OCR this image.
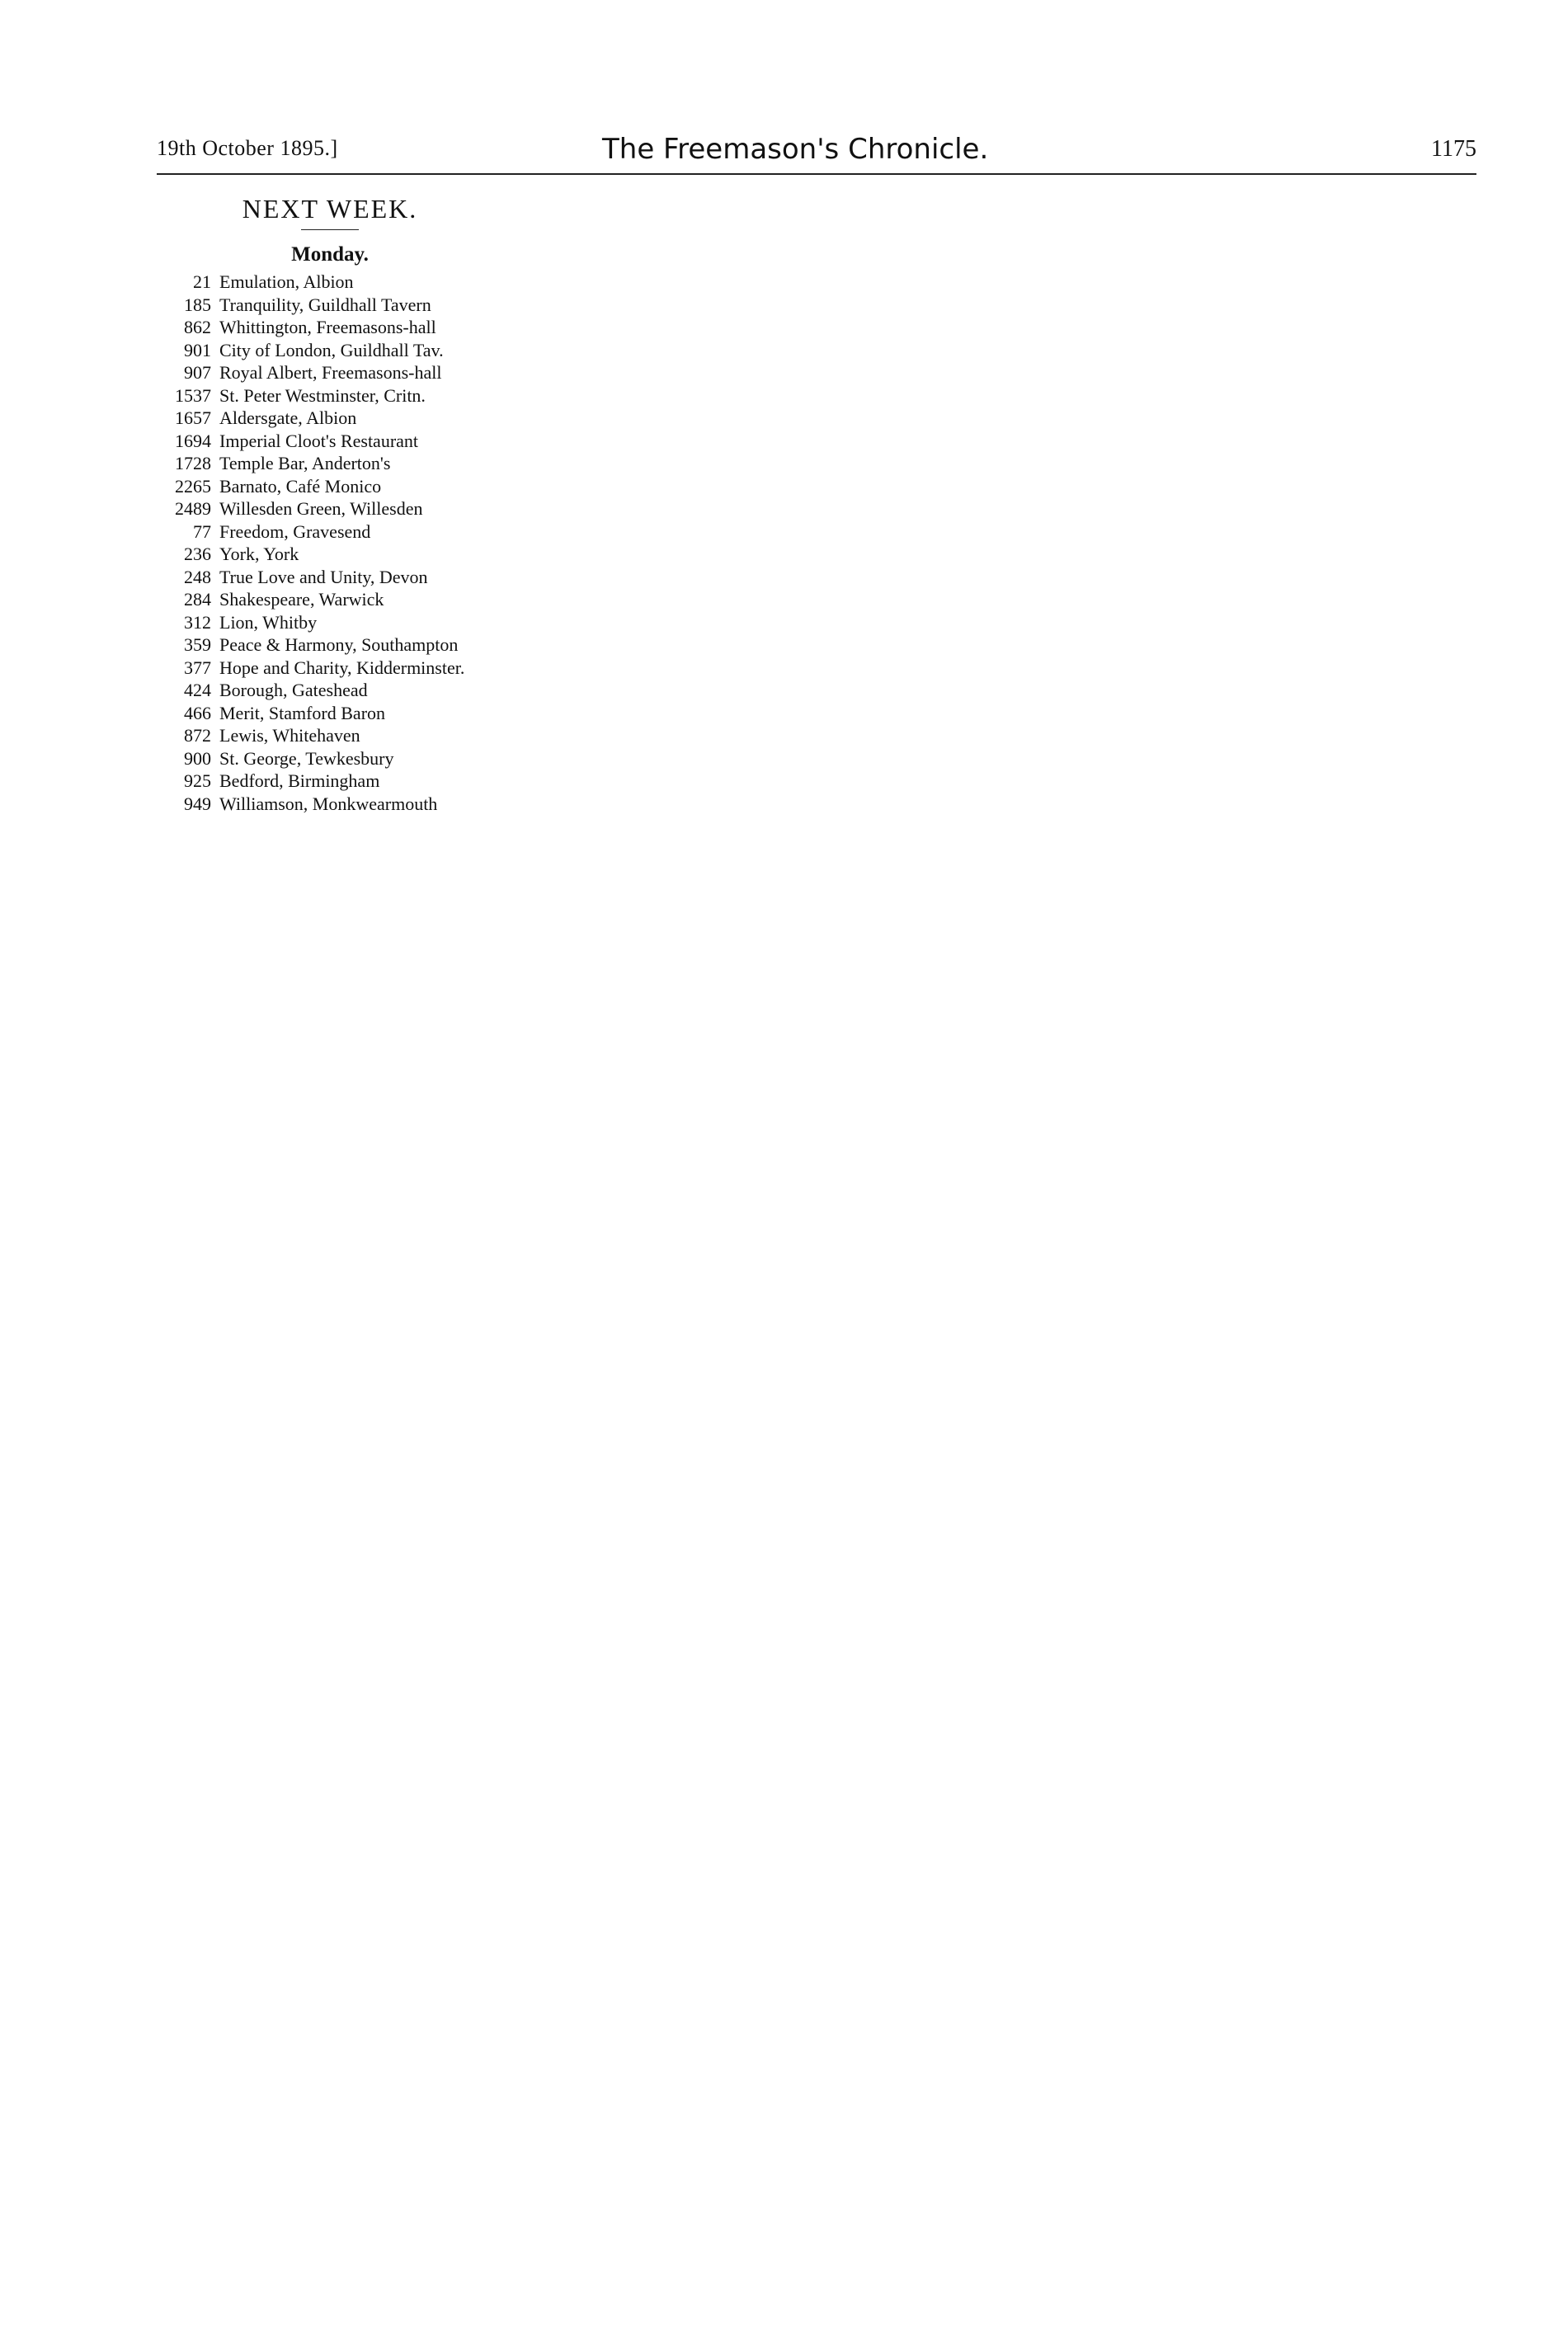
19th October 1895.]	The Freemason's Chronicle.	1175
NEXT WEEK.
Monday.
21 Emulation, Albion
185 Tranquility, Guildhall Tavern
862 Whittington, Freemasons-hall
901 City of London, Guildhall Tav.
907 Royal Albert, Freemasons-hall
1537 St. Peter Westminster, Critn.
1657 Aldersgate, Albion
1694 Imperial Cloot's Restaurant
1728 Temple Bar, Anderton's
2265 Barnato, Café Monico
2489 Willesden Green, Willesden
77 Freedom, Gravesend
236 York, York
248 True Love and Unity, Devon
284 Shakespeare, Warwick
312 Lion, Whitby
359 Peace & Harmony, Southampton
377 Hope and Charity, Kidderminster.
424 Borough, Gateshead
466 Merit, Stamford Baron
872 Lewis, Whitehaven
900 St. George, Tewkesbury
925 Bedford, Birmingham
949 Williamson, Monkwearmouth
